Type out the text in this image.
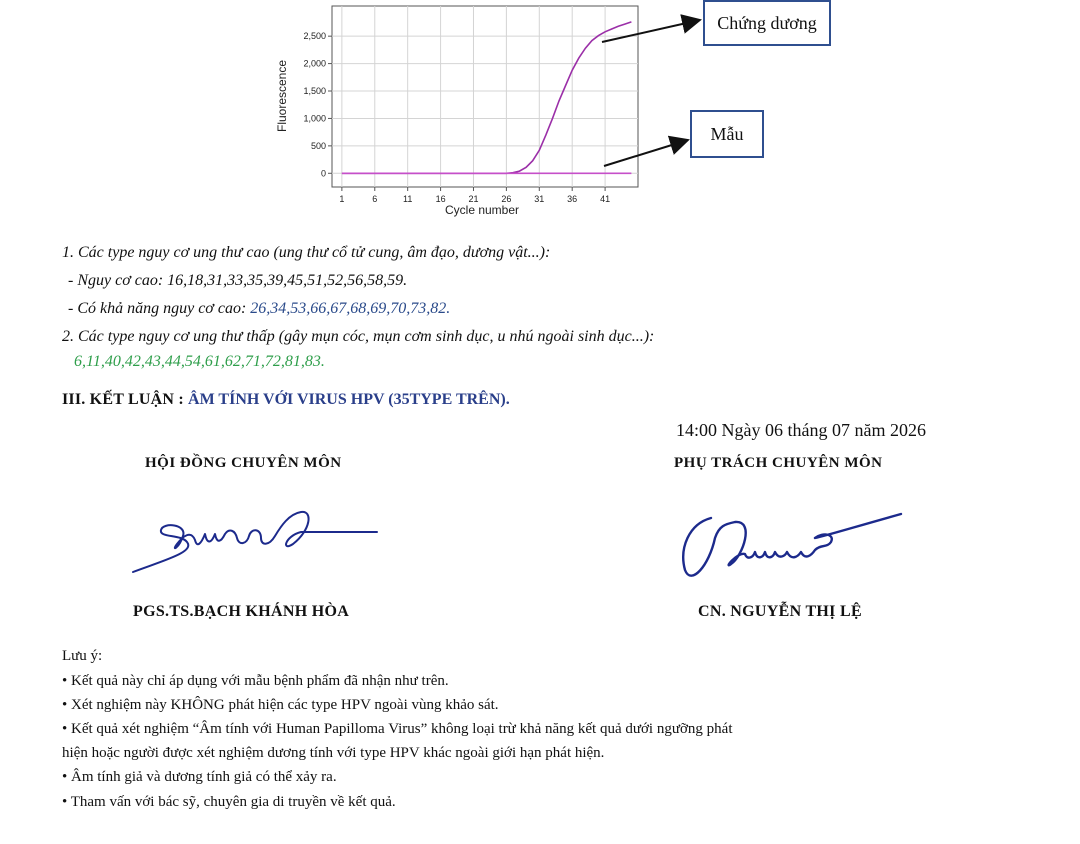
1	6	11	16	21	26	31	36	41
0
500
1,000
1,500
2,000
2,500
Cycle number
Fluorescence
Chứng dương
Mẫu
1. Các type nguy cơ ung thư cao (ung thư cổ tử cung, âm đạo, dương vật...):
- Nguy cơ cao: 16,18,31,33,35,39,45,51,52,56,58,59.
- Có khả năng nguy cơ cao: 26,34,53,66,67,68,69,70,73,82.
2. Các type nguy cơ ung thư thấp (gây mụn cóc, mụn cơm sinh dục, u nhú ngoài sinh dục...):
6,11,40,42,43,44,54,61,62,71,72,81,83.
III. KẾT LUẬN : ÂM TÍNH VỚI VIRUS HPV (35TYPE TRÊN).
14:00 Ngày 06 tháng 07 năm 2026
HỘI ĐỒNG CHUYÊN MÔN	PHỤ TRÁCH CHUYÊN MÔN
PGS.TS.BẠCH KHÁNH HÒA	CN. NGUYỄN THỊ LỆ
Lưu ý:
• Kết quả này chỉ áp dụng với mẫu bệnh phẩm đã nhận như trên.
• Xét nghiệm này KHÔNG phát hiện các type HPV ngoài vùng khảo sát.
• Kết quả xét nghiệm “Âm tính với Human Papilloma Virus” không loại trừ khả năng kết quả dưới ngưỡng phát
hiện hoặc người được xét nghiệm dương tính với type HPV khác ngoài giới hạn phát hiện.
• Âm tính giả và dương tính giả có thể xảy ra.
• Tham vấn với bác sỹ, chuyên gia di truyền về kết quả.
